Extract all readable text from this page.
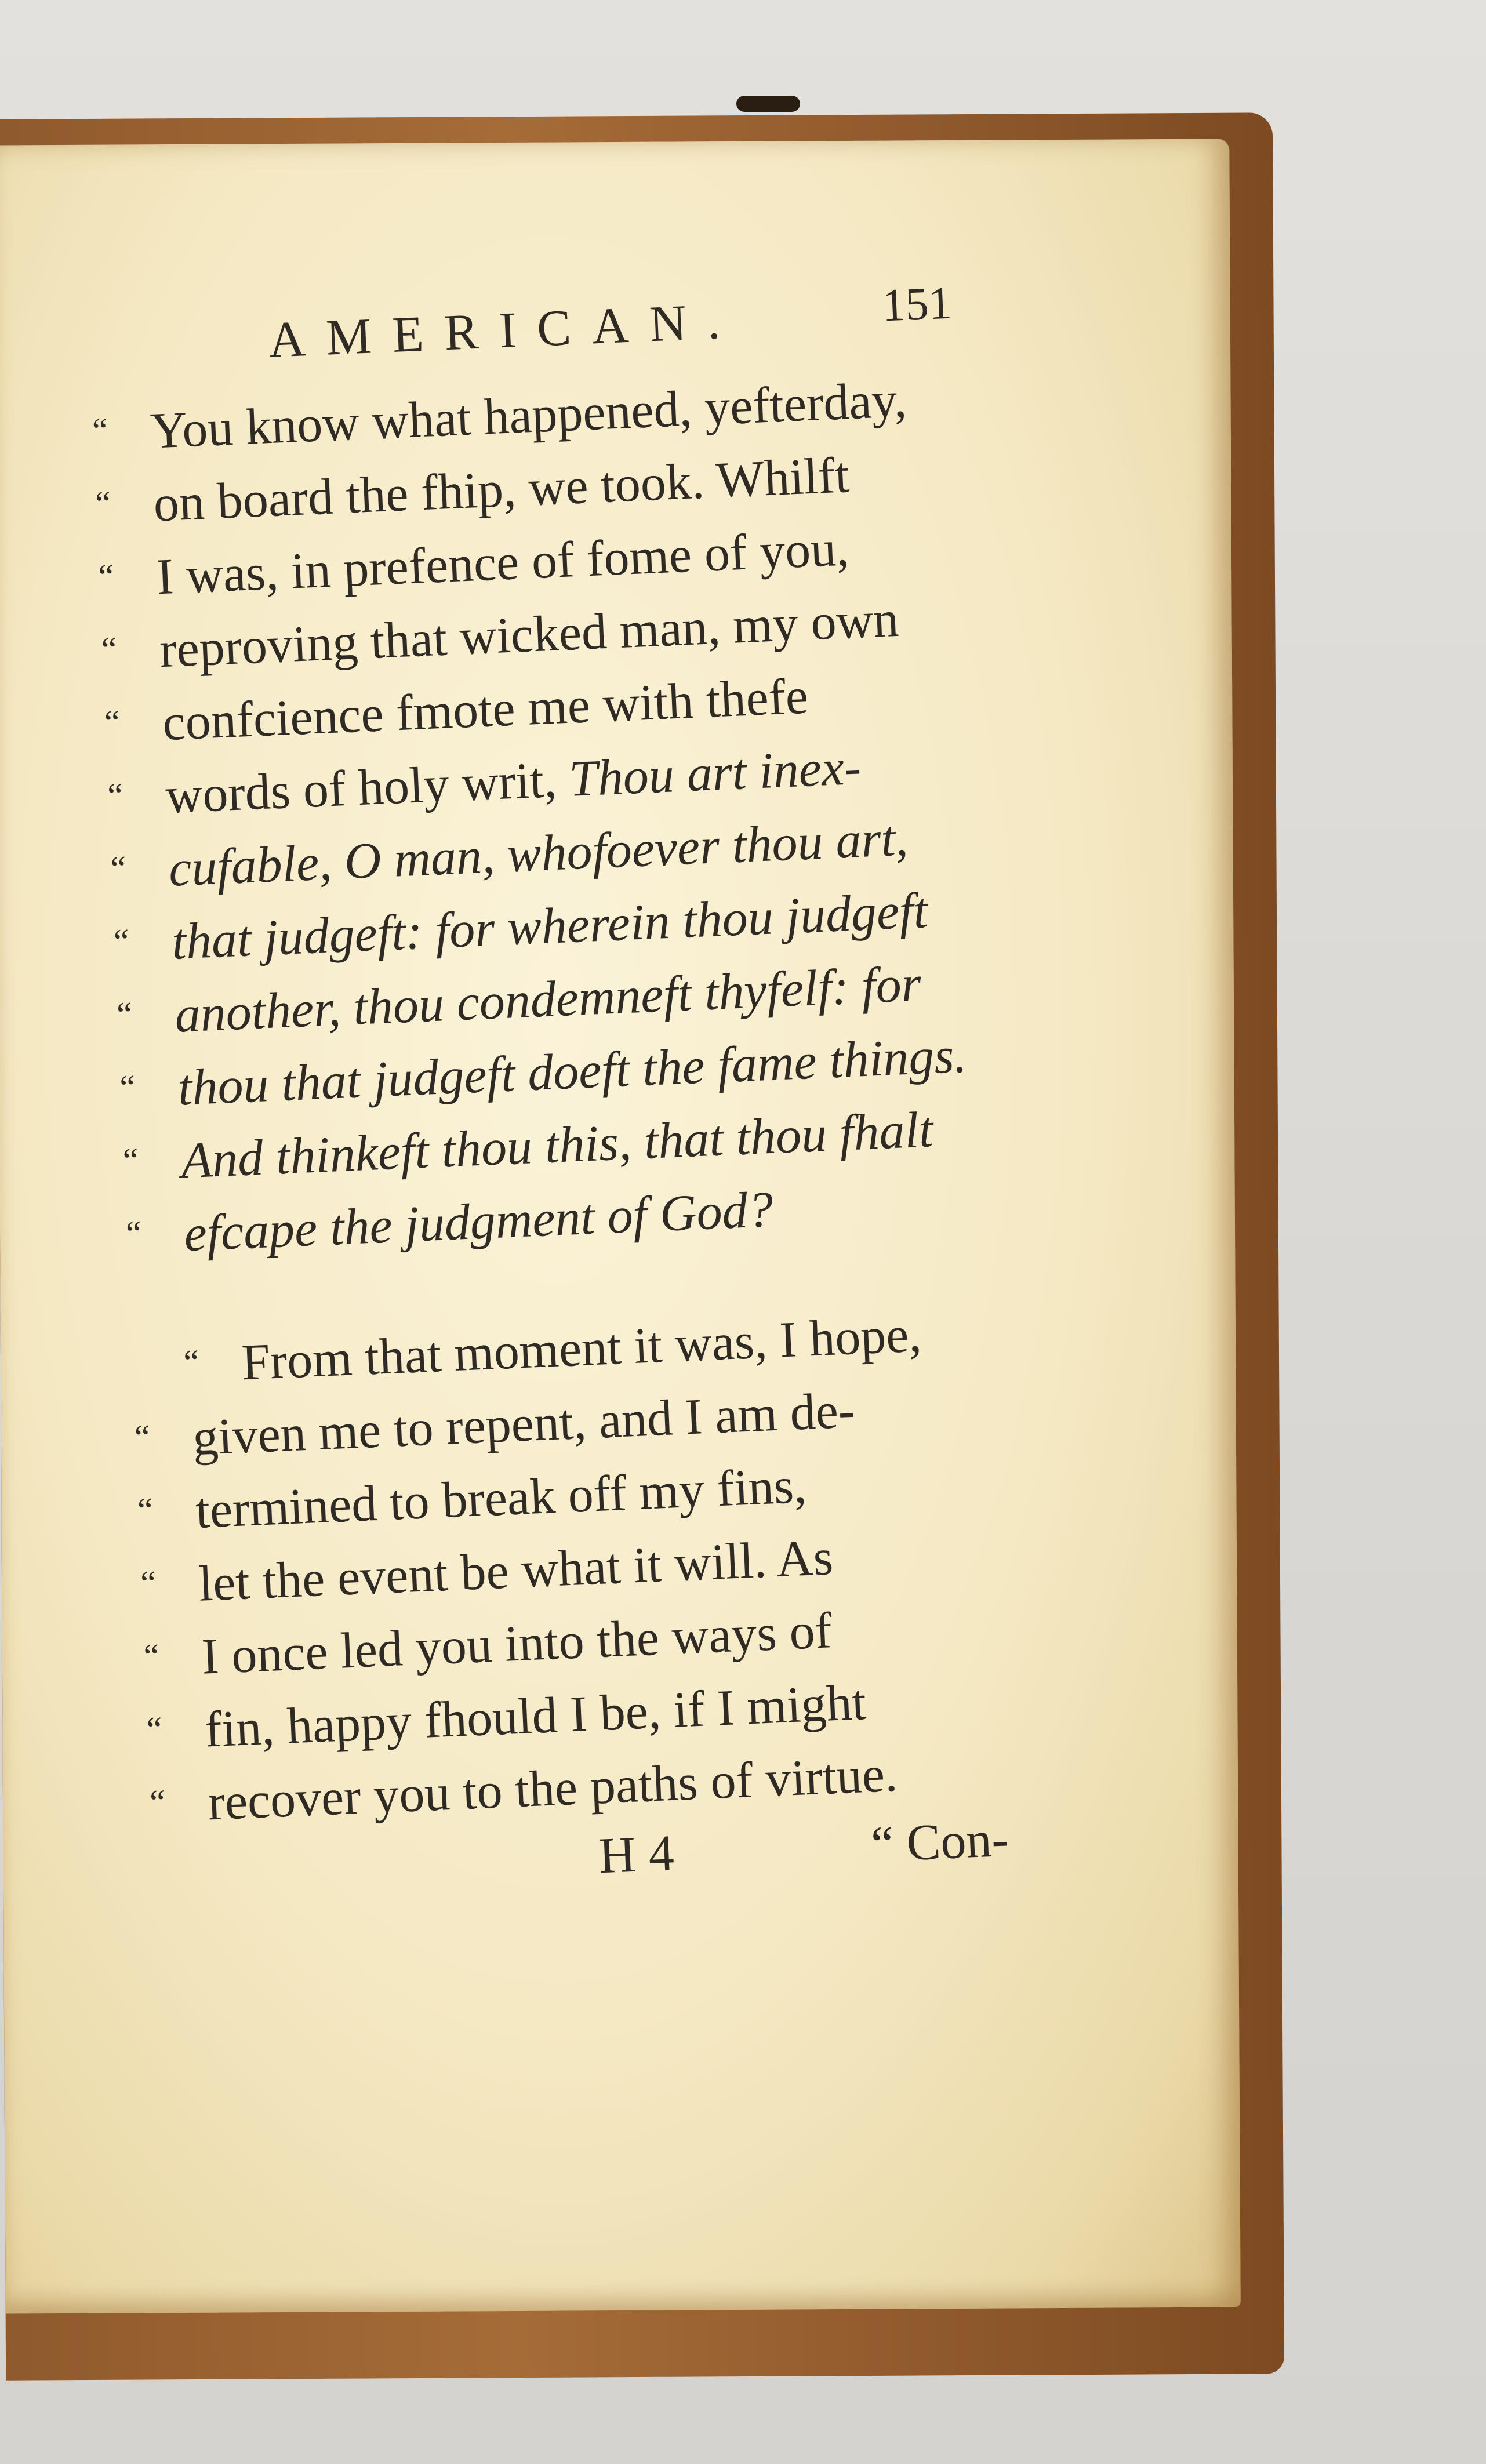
AMERICAN.	151
“ You know what happened, yefterday,
“ on board the fhip, we took. Whilft
“ I was, in prefence of fome of you,
“ reproving that wicked man, my own
“ confcience fmote me with thefe
“ words of holy writ, Thou art inex-
“ cufable, O man, whofoever thou art,
“ that judgeft: for wherein thou judgeft
“ another, thou condemneft thyfelf: for
“ thou that judgeft doeft the fame things.
“ And thinkeft thou this, that thou fhalt
“ efcape the judgment of God?
“ From that moment it was, I hope,
“ given me to repent, and I am de-
“ termined to break off my fins,
“ let the event be what it will. As
“ I once led you into the ways of
“ fin, happy fhould I be, if I might
“ recover you to the paths of virtue.
H 4	“ Con-
